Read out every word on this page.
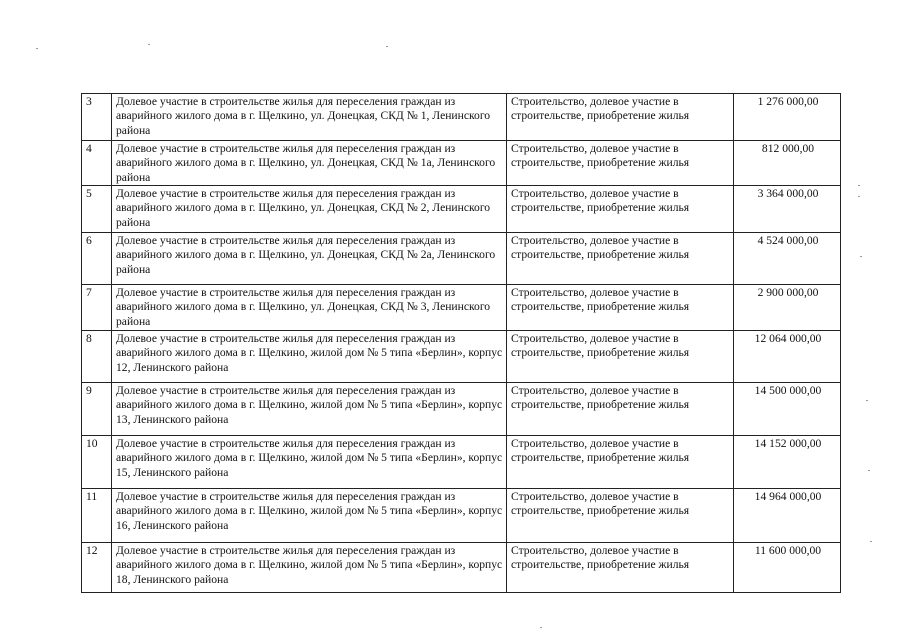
3	Долевое участие в строительстве жилья для переселения граждан из аварийного жилого дома в г. Щелкино, ул. Донецкая, СКД № 1, Ленинского района	Строительство, долевое участие в строительстве, приобретение жилья	1 276 000,00
4	Долевое участие в строительстве жилья для переселения граждан из аварийного жилого дома в г. Щелкино, ул. Донецкая, СКД № 1а, Ленинского района	Строительство, долевое участие в строительстве, приобретение жилья	812 000,00
5	Долевое участие в строительстве жилья для переселения граждан из аварийного жилого дома в г. Щелкино, ул. Донецкая, СКД № 2, Ленинского района	Строительство, долевое участие в строительстве, приобретение жилья	3 364 000,00
6	Долевое участие в строительстве жилья для переселения граждан из аварийного жилого дома в г. Щелкино, ул. Донецкая, СКД № 2а, Ленинского района	Строительство, долевое участие в строительстве, приобретение жилья	4 524 000,00
7	Долевое участие в строительстве жилья для переселения граждан из аварийного жилого дома в г. Щелкино, ул. Донецкая, СКД № 3, Ленинского района	Строительство, долевое участие в строительстве, приобретение жилья	2 900 000,00
8	Долевое участие в строительстве жилья для переселения граждан из аварийного жилого дома в г. Щелкино, жилой дом № 5 типа «Берлин», корпус 12, Ленинского района	Строительство, долевое участие в строительстве, приобретение жилья	12 064 000,00
9	Долевое участие в строительстве жилья для переселения граждан из аварийного жилого дома в г. Щелкино, жилой дом № 5 типа «Берлин», корпус 13, Ленинского района	Строительство, долевое участие в строительстве, приобретение жилья	14 500 000,00
10	Долевое участие в строительстве жилья для переселения граждан из аварийного жилого дома в г. Щелкино, жилой дом № 5 типа «Берлин», корпус 15, Ленинского района	Строительство, долевое участие в строительстве, приобретение жилья	14 152 000,00
11	Долевое участие в строительстве жилья для переселения граждан из аварийного жилого дома в г. Щелкино, жилой дом № 5 типа «Берлин», корпус 16, Ленинского района	Строительство, долевое участие в строительстве, приобретение жилья	14 964 000,00
12	Долевое участие в строительстве жилья для переселения граждан из аварийного жилого дома в г. Щелкино, жилой дом № 5 типа «Берлин», корпус 18, Ленинского района	Строительство, долевое участие в строительстве, приобретение жилья	11 600 000,00
